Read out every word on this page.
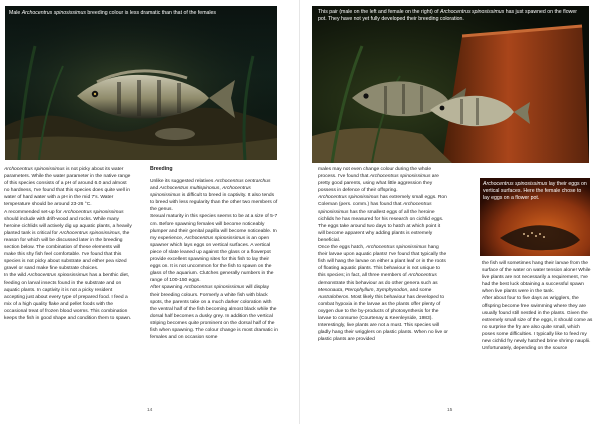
Male Archocentrus spinosissimus breeding colour is less dramatic than that of the females

Archocentrus spinosissimus is not picky about its water parameters. While the water parameter in the native range of this species consists of a pH of around 6.0 and almost no hardness, I've found that this species does quite well in water of hard water with a pH in the mid 7's. Water temperature should be around 23-26 °C.

A recommended set-up for Archocentrus spinosissimus should include with drift-wood and rocks. While many heroine cichlids will actively dig up aquatic plants, a heavily planted tank is critical for Archocentrus spinosissimus, the reason for which will be discussed later in the breeding section below. The combination of these elements will make this shy fish feel comfortable. I've found that this species is not picky about substrate and either pea sized gravel or sand make fine substrate choices.

In the wild Archocentrus spinosissimus has a benthic diet, feeding on larval insects found in the substrate and on aquatic plants. In captivity it is not a picky resident accepting just about every type of prepared food. I feed a mix of a high quality flake and pellet foods with the occasional treat of frozen blood worms. This combination keeps the fish in good shape and condition them to spawn.

Breeding

Unlike its suggested relatives Archocentrus centrarchus and Archocentrus multispinosus, Archocentrus spinosissimus is difficult to breed in captivity. It also tends to breed with less regularity than the other two members of the genus.

Sexual maturity in this species seems to be at a size of 5-7 cm. Before spawning females will become noticeably plumper and their genital papilla will become noticeable. In my experience, Archocentrus spinosissimus is an open spawner which lays eggs on vertical surfaces. A vertical piece of slate leaned up against the glass or a flowerpot provide excellent spawning sites for this fish to lay their eggs on. It is not uncommon for the fish to spawn on the glass of the aquarium. Clutches generally numbers in the range of 100-150 eggs.

After spawning Archocentrus spinosissimus will display their breeding colours. Formerly a white fish with black spots, the parents take on a much darker coloration with the ventral half of the fish becoming almost black while the dorsal half becomes a dusky grey. In addition the vertical striping becomes quite prominent on the dorsal half of the fish when spawning. The colour change is most dramatic in females and on occasion some

14	15
This pair (male on the left and female on the right) of Archocentrus spinosissimus has just spawned on the flower pot. They have not yet fully developed their breeding coloration.
Archocentrus spinosissimus lay their eggs on vertical surfaces. Here the female chose to lay eggs on a flower pot.

males may not even change colour during the whole process. I've found that Archocentrus spinosissimus are pretty good parents, using what little aggression they possess in defence of their offspring.

Archocentrus spinosissimus has extremely small eggs. Ron Coleman (pers. comm.) has found that Archocentrus spinosissimus has the smallest eggs of all the heroine cichlids he has measured for his research on cichlid eggs. The eggs take around two days to hatch at which point it will become apparent why adding plants is extremely beneficial.

Once the eggs hatch, Archocentrus spinosissimus hang their larvae upon aquatic plants! I've found that typically the fish will hang the larvae on either a plant leaf or in the roots of floating aquatic plants. This behaviour is not unique to this species; in fact, all three members of Archocentrus demonstrate this behaviour as do other genera such as Mesonauta, Pterophyllum, Symphysodon, and some Australoheros. Most likely this behaviour has developed to combat hypoxia in the larvae as the plants offer plenty of oxygen due to the by-products of photosynthesis for the larvae to consume (Courtenay & Keenleyside, 1983). Interestingly, live plants are not a must. This species will gladly hang their wrigglers on plastic plants. When no live or plastic plants are provided

the fish will sometimes hang their larvae from the surface of the water on water tension alone! While live plants are not necessarily a requirement, I've had the best luck obtaining a successful spawn when live plants were in the tank.

After about four to five days as wrigglers, the offspring become free swimming where they are usually found still nestled in the plants. Given the extremely small size of the eggs, it should come as no surprise the fry are also quite small, which poses some difficulties. I typically like to feed my new cichlid fry newly hatched brine shrimp nauplii. Unfortunately, depending on the source
